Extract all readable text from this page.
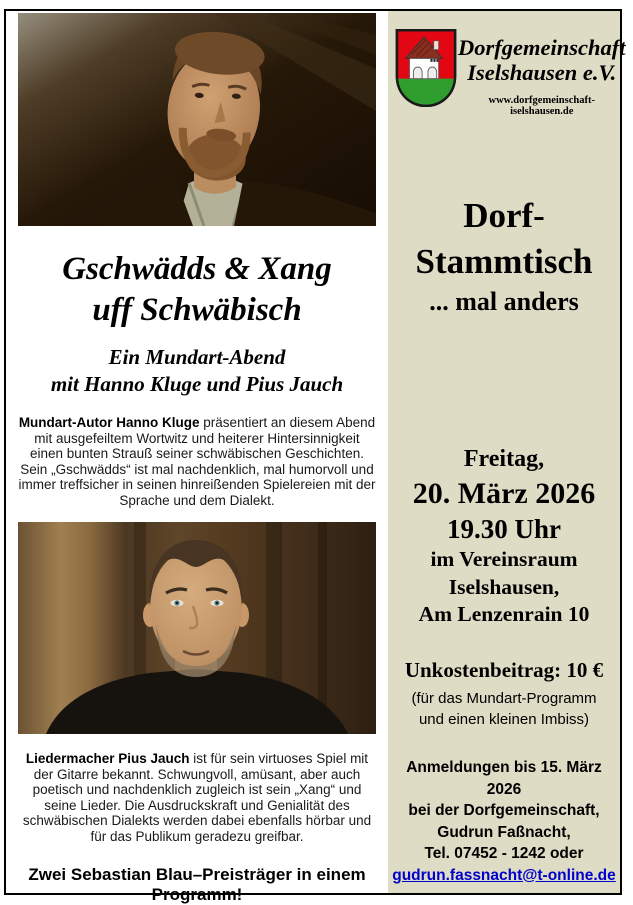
Gschwädds & Xang
uff Schwäbisch
Ein Mundart-Abend
mit Hanno Kluge und Pius Jauch
Mundart-Autor Hanno Kluge präsentiert an diesem Abend mit ausgefeiltem Wortwitz und heiterer Hintersinnigkeit einen bunten Strauß seiner schwäbischen Geschichten. Sein „Gschwädds“ ist mal nachdenklich, mal humorvoll und immer treffsicher in seinen hinreißenden Spielereien mit der Sprache und dem Dialekt.
Liedermacher Pius Jauch ist für sein virtuoses Spiel mit der Gitarre bekannt. Schwungvoll, amüsant, aber auch poetisch und nachdenklich zugleich ist sein „Xang“ und seine Lieder. Die Ausdruckskraft und Genialität des schwäbischen Dialekts werden dabei ebenfalls hörbar und für das Publikum geradezu greifbar.
Zwei Sebastian Blau–Preisträger in einem Programm!
Dorfgemeinschaft
Iselshausen e.V.
www.dorfgemeinschaft-iselshausen.de
Dorf-
Stammtisch
... mal anders
Freitag,
20. März 2026
19.30 Uhr
im Vereinsraum
Iselshausen,
Am Lenzenrain 10
Unkostenbeitrag: 10 €
(für das Mundart-Programm
und einen kleinen Imbiss)
Anmeldungen bis 15. März 2026
bei der Dorfgemeinschaft,
Gudrun Faßnacht,
Tel. 07452 - 1242 oder
gudrun.fassnacht@t-online.de
